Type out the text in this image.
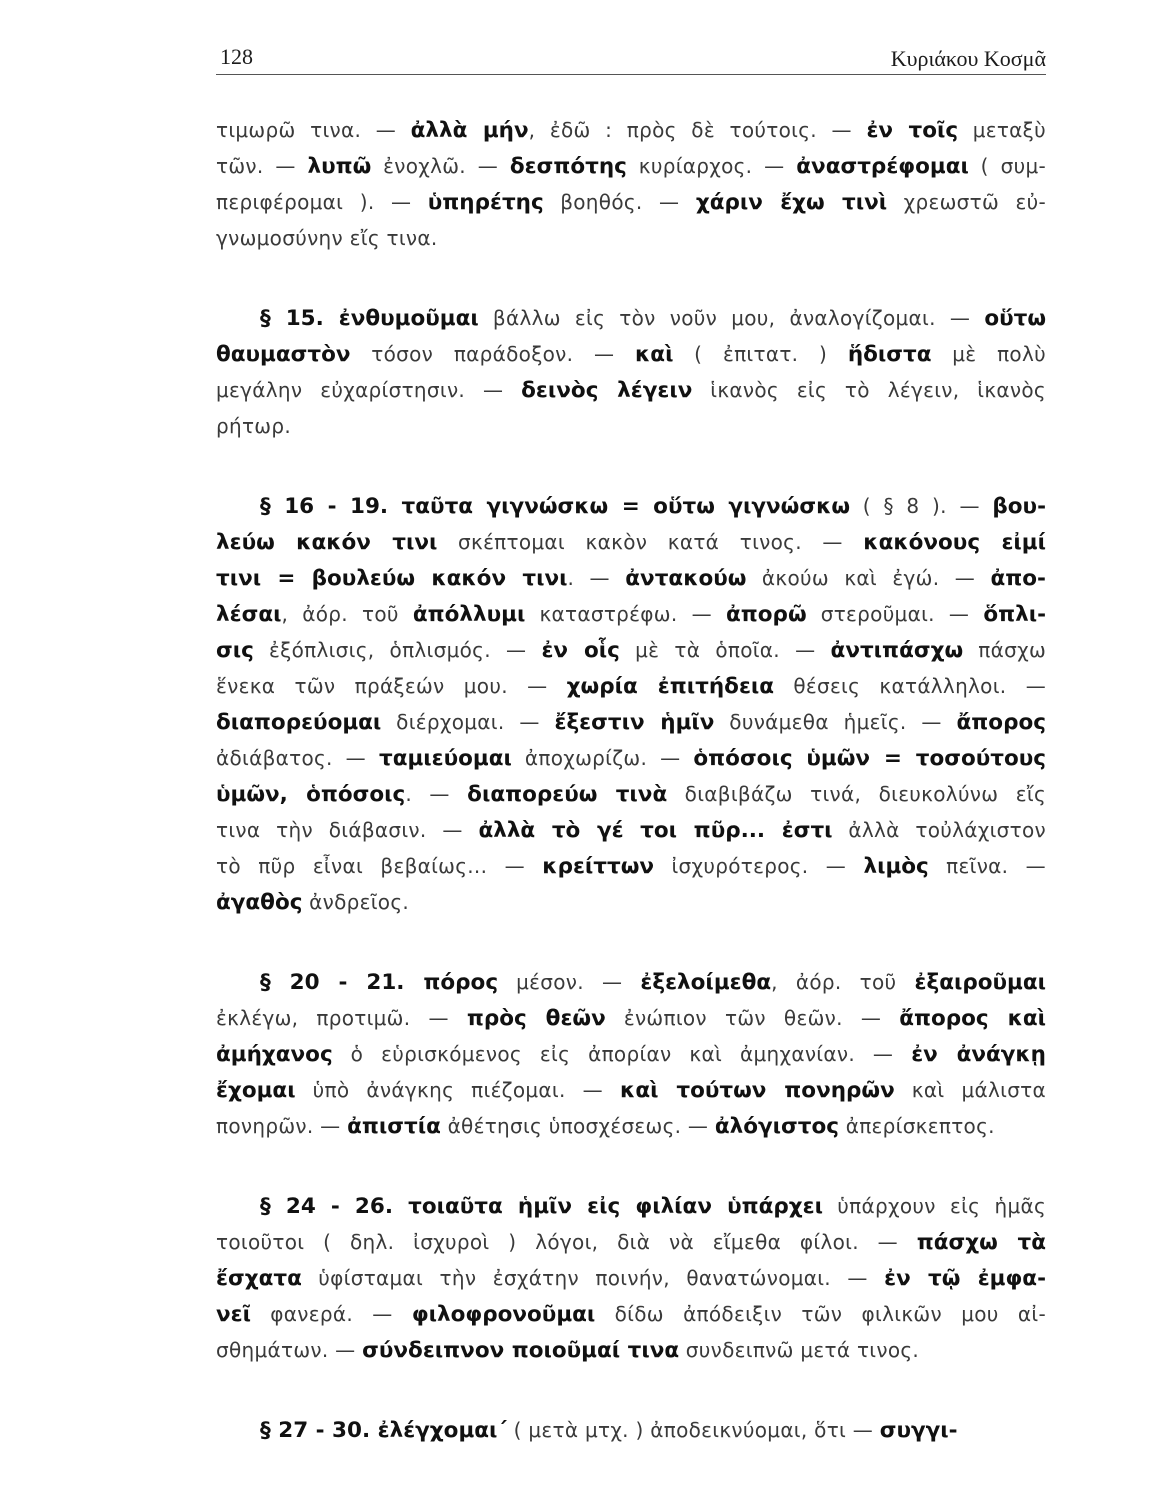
128	Κυριάκου Κοσμᾶ
τιμωρῶ τινα. — ἀλλὰ μήν, ἐδῶ : πρὸς δὲ τούτοις. — ἐν τοῖς μεταξὺ
τῶν. — λυπῶ ἐνοχλῶ. — δεσπότης κυρίαρχος. — ἀναστρέφομαι ( συμ-
περιφέρομαι ). — ὑπηρέτης βοηθός. — χάριν ἔχω τινὶ χρεωστῶ εὐ-
γνωμοσύνην εἴς τινα.
§ 15. ἐνθυμοῦμαι βάλλω εἰς τὸν νοῦν μου, ἀναλογίζομαι. — οὕτω
θαυμαστὸν τόσον παράδοξον. — καὶ ( ἐπιτατ. ) ἥδιστα μὲ πολὺ
μεγάλην εὐχαρίστησιν. — δεινὸς λέγειν ἱκανὸς εἰς τὸ λέγειν, ἱκανὸς
ρήτωρ.
§ 16 - 19. ταῦτα γιγνώσκω = οὕτω γιγνώσκω ( § 8 ). — βου-
λεύω κακόν τινι σκέπτομαι κακὸν κατά τινος. — κακόνους εἰμί
τινι = βουλεύω κακόν τινι. — ἀντακούω ἀκούω καὶ ἐγώ. — ἀπο-
λέσαι, ἀόρ. τοῦ ἀπόλλυμι καταστρέφω. — ἀπορῶ στεροῦμαι. — ὅπλι-
σις ἐξόπλισις, ὁπλισμός. — ἐν οἷς μὲ τὰ ὁποῖα. — ἀντιπάσχω πάσχω
ἕνεκα τῶν πράξεών μου. — χωρία ἐπιτήδεια θέσεις κατάλληλοι. —
διαπορεύομαι διέρχομαι. — ἔξεστιν ἡμῖν δυνάμεθα ἡμεῖς. — ἄπορος
ἀδιάβατος. — ταμιεύομαι ἀποχωρίζω. — ὁπόσοις ὑμῶν = τοσούτους
ὑμῶν, ὁπόσοις. — διαπορεύω τινὰ διαβιβάζω τινά, διευκολύνω εἴς
τινα τὴν διάβασιν. — ἀλλὰ τὸ γέ τοι πῦρ... ἐστι ἀλλὰ τοὐλάχιστον
τὸ πῦρ εἶναι βεβαίως... — κρείττων ἰσχυρότερος. — λιμὸς πεῖνα. —
ἀγαθὸς ἀνδρεῖος.
§ 20 - 21. πόρος μέσον. — ἐξελοίμεθα, ἀόρ. τοῦ ἐξαιροῦμαι
ἐκλέγω, προτιμῶ. — πρὸς θεῶν ἐνώπιον τῶν θεῶν. — ἄπορος καὶ
ἀμήχανος ὁ εὑρισκόμενος εἰς ἀπορίαν καὶ ἀμηχανίαν. — ἐν ἀνάγκῃ
ἔχομαι ὑπὸ ἀνάγκης πιέζομαι. — καὶ τούτων πονηρῶν καὶ μάλιστα
πονηρῶν. — ἀπιστία ἀθέτησις ὑποσχέσεως. — ἀλόγιστος ἀπερίσκεπτος.
§ 24 - 26. τοιαῦτα ἡμῖν εἰς φιλίαν ὑπάρχει ὑπάρχουν εἰς ἡμᾶς
τοιοῦτοι ( δηλ. ἰσχυροὶ ) λόγοι, διὰ νὰ εἴμεθα φίλοι. — πάσχω τὰ
ἔσχατα ὑφίσταμαι τὴν ἐσχάτην ποινήν, θανατώνομαι. — ἐν τῷ ἐμφα-
νεῖ φανερά. — φιλοφρονοῦμαι δίδω ἀπόδειξιν τῶν φιλικῶν μου αἰ-
σθημάτων. — σύνδειπνον ποιοῦμαί τινα συνδειπνῶ μετά τινος.
§ 27 - 30. ἐλέγχομαι΄ ( μετὰ μτχ. ) ἀποδεικνύομαι, ὅτι — συγγι-
